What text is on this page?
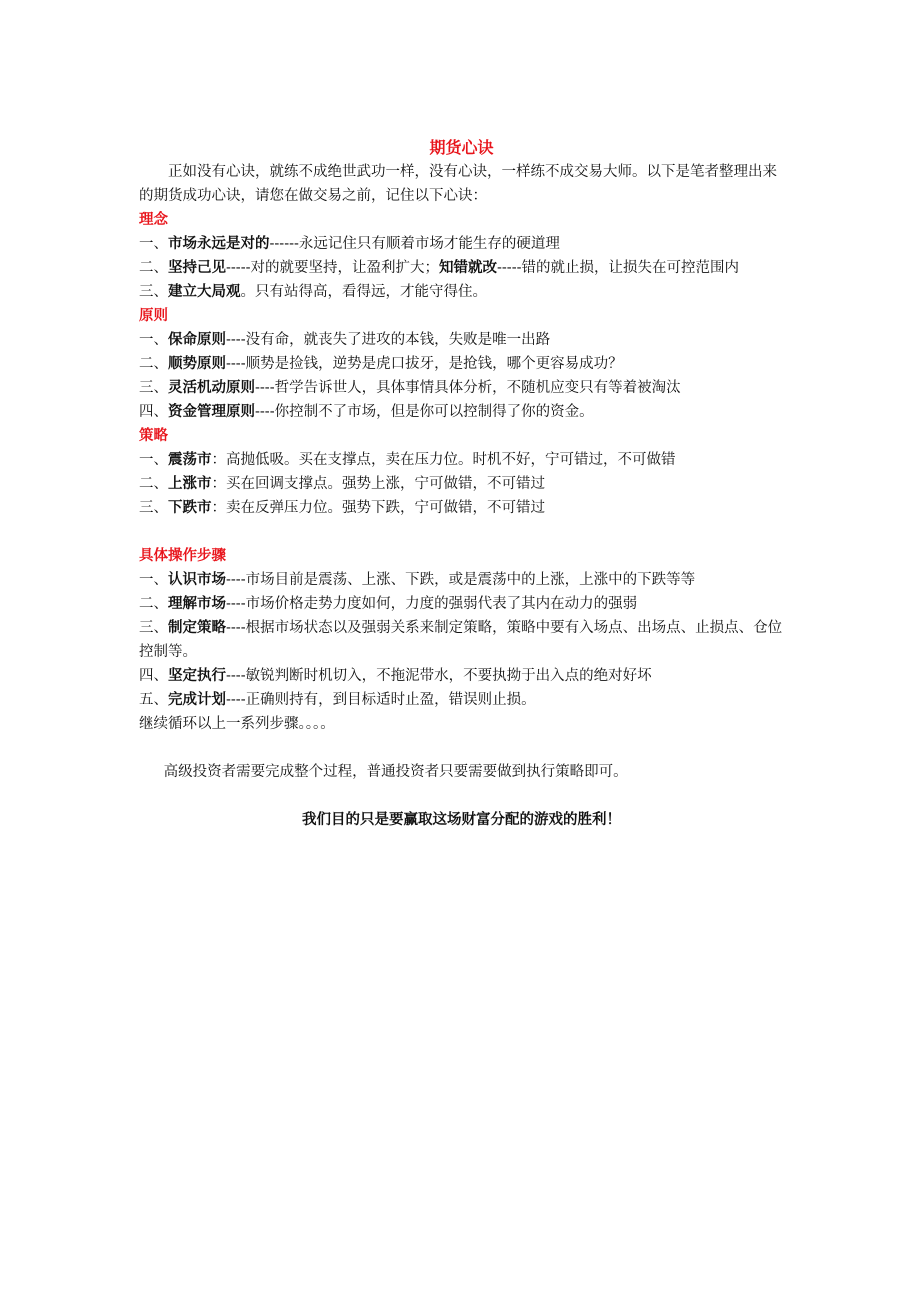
期货心诀

正如没有心诀，就练不成绝世武功一样，没有心诀，一样练不成交易大师。以下是笔者整理出来的期货成功心诀，请您在做交易之前，记住以下心诀：

理念

一、市场永远是对的------永远记住只有顺着市场才能生存的硬道理

二、坚持己见-----对的就要坚持，让盈利扩大；知错就改-----错的就止损，让损失在可控范围内

三、建立大局观。只有站得高，看得远，才能守得住。

原则

一、保命原则----没有命，就丧失了进攻的本钱，失败是唯一出路

二、顺势原则----顺势是捡钱，逆势是虎口拔牙，是抢钱，哪个更容易成功？

三、灵活机动原则----哲学告诉世人，具体事情具体分析，不随机应变只有等着被淘汰

四、资金管理原则----你控制不了市场，但是你可以控制得了你的资金。

策略

一、震荡市：高抛低吸。买在支撑点，卖在压力位。时机不好，宁可错过，不可做错

二、上涨市：买在回调支撑点。强势上涨，宁可做错，不可错过

三、下跌市：卖在反弹压力位。强势下跌，宁可做错，不可错过

具体操作步骤

一、认识市场----市场目前是震荡、上涨、下跌，或是震荡中的上涨，上涨中的下跌等等

二、理解市场----市场价格走势力度如何，力度的强弱代表了其内在动力的强弱

三、制定策略----根据市场状态以及强弱关系来制定策略，策略中要有入场点、出场点、止损点、仓位控制等。

四、坚定执行----敏锐判断时机切入，不拖泥带水，不要执拗于出入点的绝对好坏

五、完成计划----正确则持有，到目标适时止盈，错误则止损。

继续循环以上一系列步骤。。。。

高级投资者需要完成整个过程，普通投资者只要需要做到执行策略即可。

我们目的只是要赢取这场财富分配的游戏的胜利！
